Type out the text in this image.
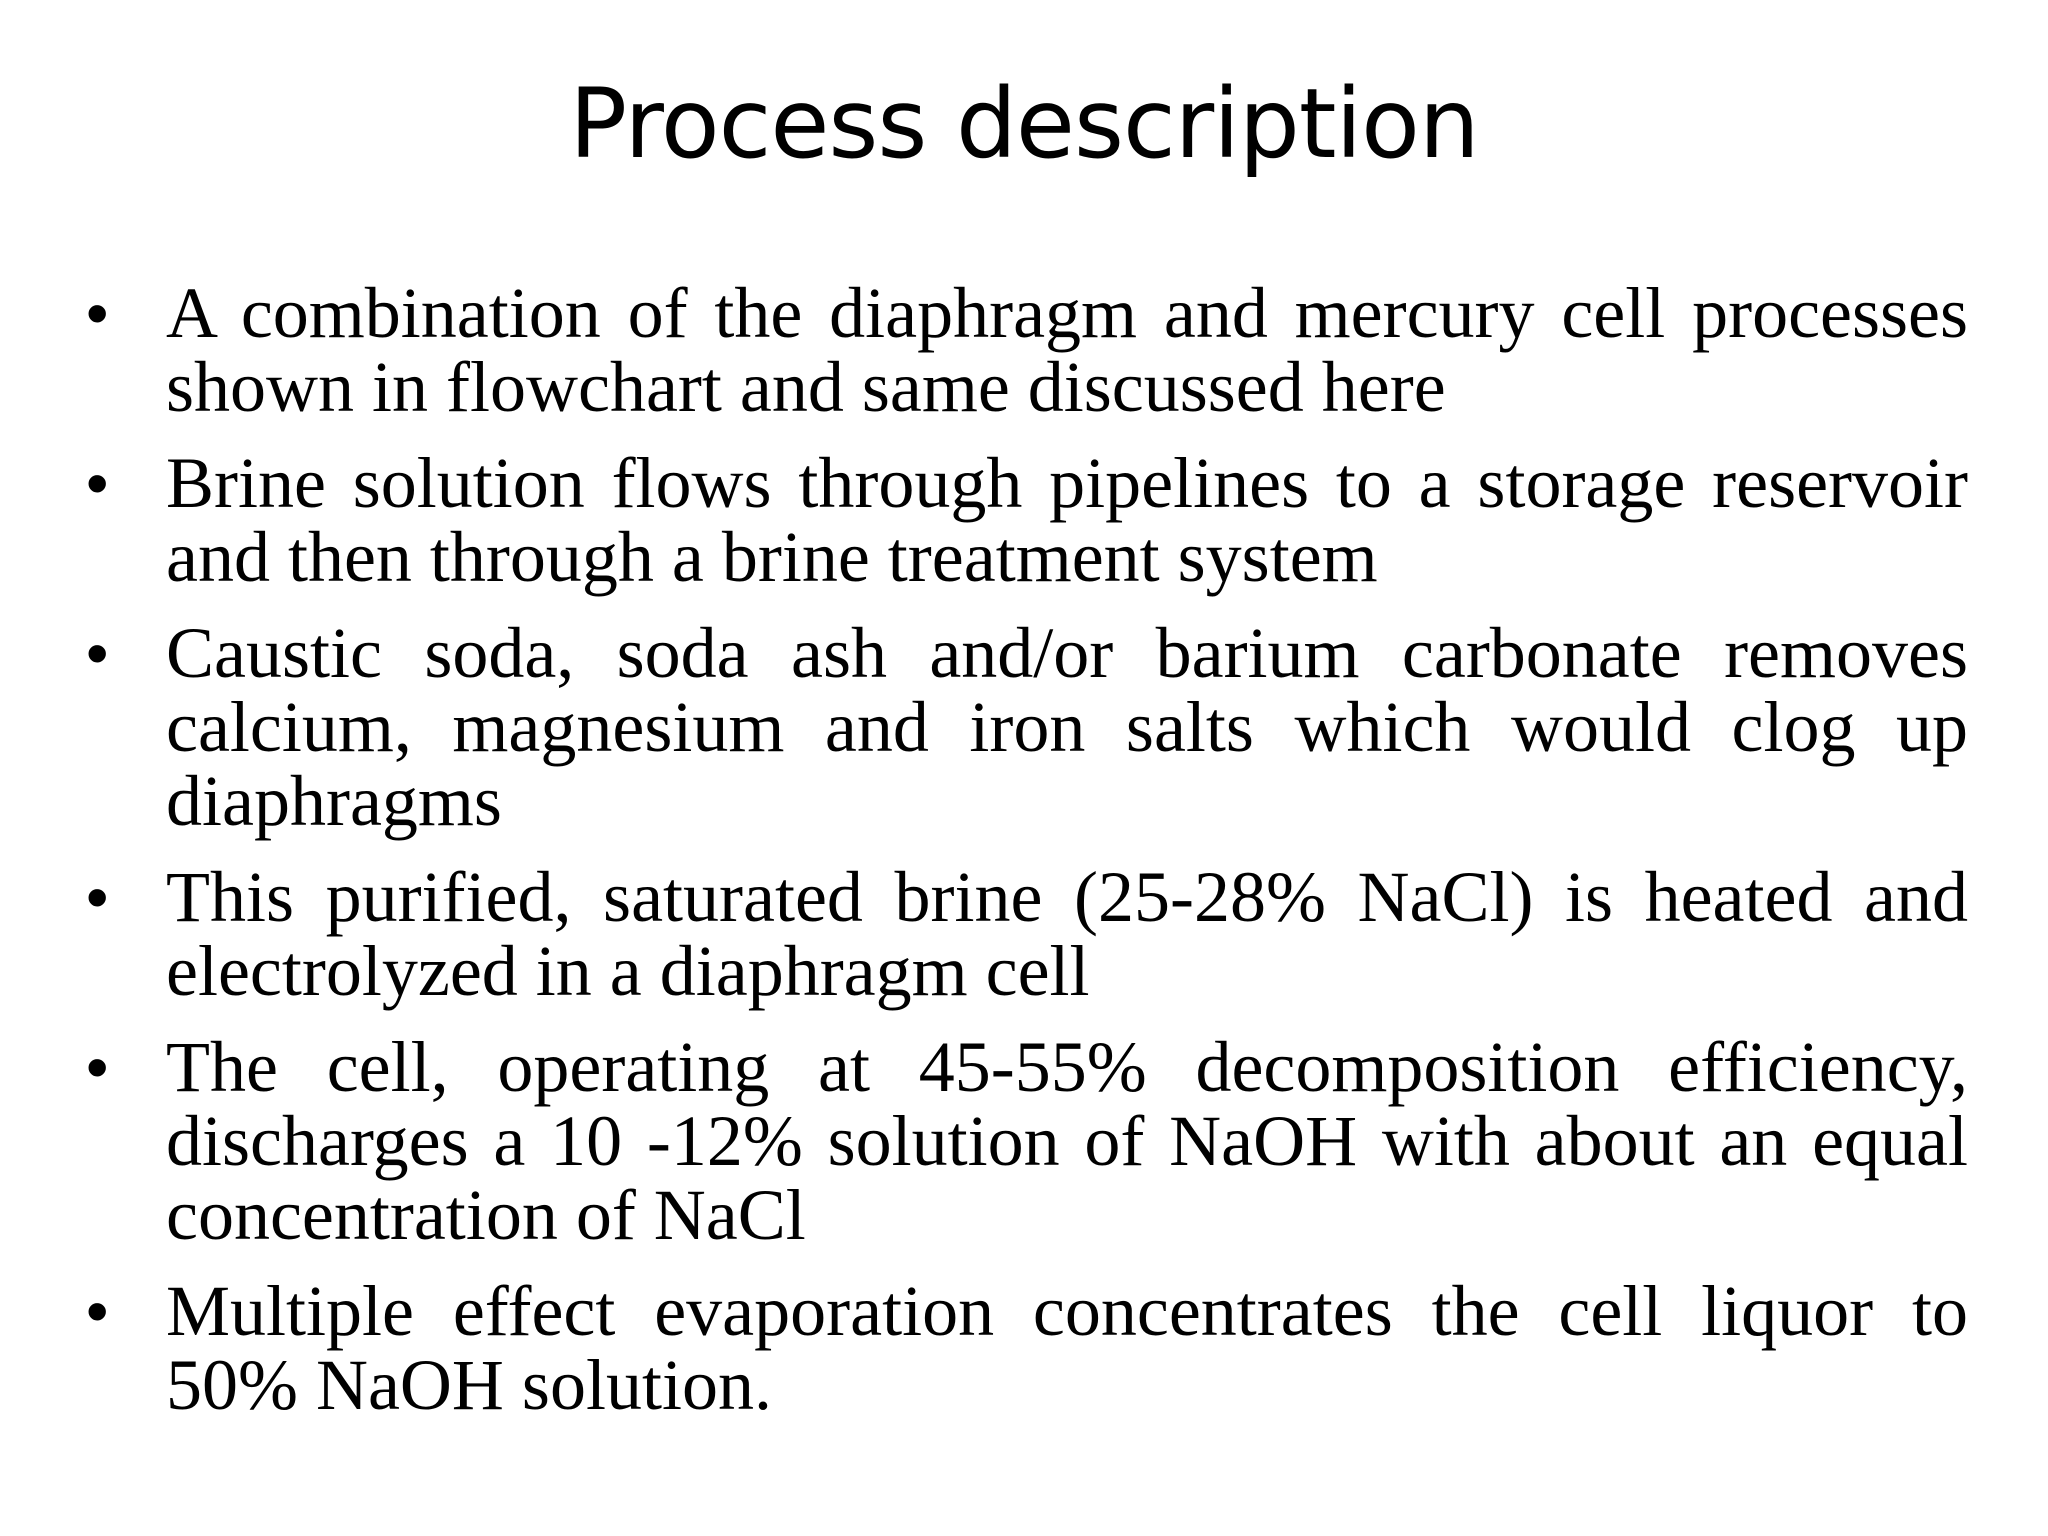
Process description
• A combination of the diaphragm and mercury cell processes shown in flowchart and same discussed here
• Brine solution flows through pipelines to a storage reservoir and then through a brine treatment system
• Caustic soda, soda ash and/or barium carbonate removes calcium, magnesium and iron salts which would clog up diaphragms
• This purified, saturated brine (25-28% NaCl) is heated and electrolyzed in a diaphragm cell
• The cell, operating at 45-55% decomposition efficiency, discharges a 10 -12% solution of NaOH with about an equal concentration of NaCl
• Multiple effect evaporation concentrates the cell liquor to 50% NaOH solution.
